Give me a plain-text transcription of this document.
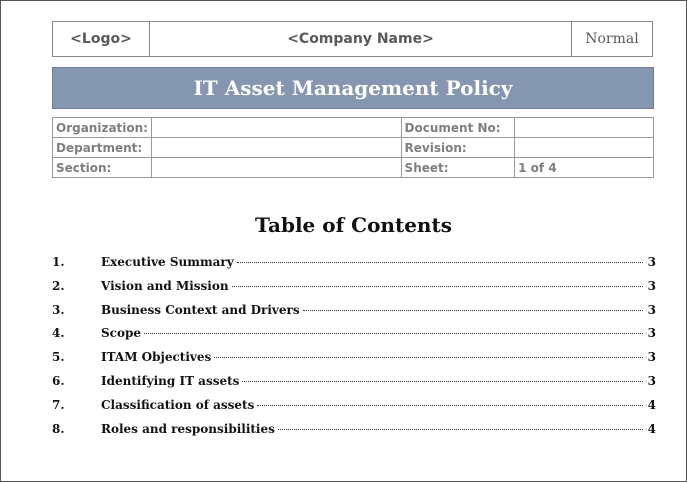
<Logo>	<Company Name>	Normal
IT Asset Management Policy
Organization:		Document No:	
Department:		Revision:	
Section:		Sheet:	1 of 4
Table of Contents
1.	Executive Summary	3
2.	Vision and Mission	3
3.	Business Context and Drivers	3
4.	Scope	3
5.	ITAM Objectives	3
6.	Identifying IT assets	3
7.	Classification of assets	4
8.	Roles and responsibilities	4
